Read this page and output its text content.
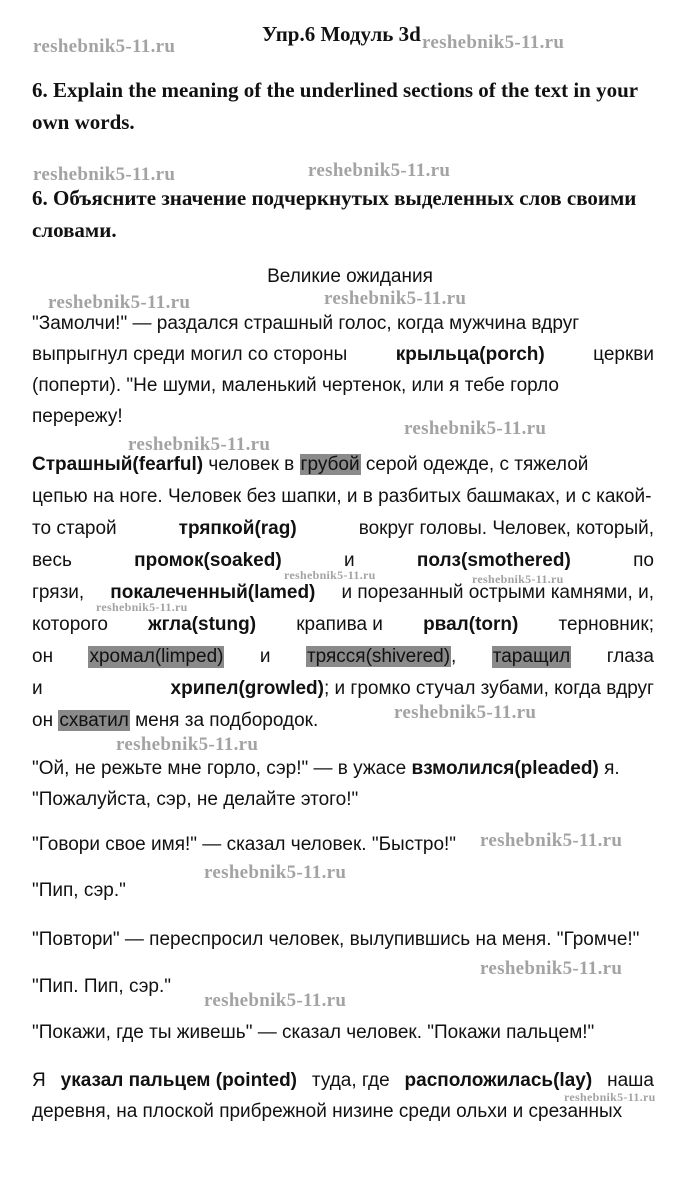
Упр.6 Модуль 3d
reshebnik5-11.ru	reshebnik5-11.ru
reshebnik5-11.ru	reshebnik5-11.ru
reshebnik5-11.ru	reshebnik5-11.ru
reshebnik5-11.ru
reshebnik5-11.ru
reshebnik5-11.ru	reshebnik5-11.ru
reshebnik5-11.ru
reshebnik5-11.ru
reshebnik5-11.ru
reshebnik5-11.ru
reshebnik5-11.ru
reshebnik5-11.ru
reshebnik5-11.ru
reshebnik5-11.ru
6. Explain the meaning of the underlined sections of the text in your
own words.
6. Объясните значение подчеркнутых выделенных слов своими
словами.
Великие ожидания
"Замолчи!" — раздался страшный голос, когда мужчина вдруг
выпрыгнул среди могил со стороны	крыльца(porch)	церкви
(поперти). "Не шуми, маленький чертенок, или я тебе горло
перережу!
Страшный(fearful) человек в грубой серой одежде, с тяжелой
цепью на ноге. Человек без шапки, и в разбитых башмаках, и с какой-
то старой	тряпкой(rag)	вокруг головы. Человек, который,
весь	промок(soaked)	и	полз(smothered)	по
грязи, покалеченный(lamed) и порезанный острыми камнями, и,
которого жгла(stung) крапива и рвал(torn) терновник;
он хромал(limped) и трясся(shivered), таращил глаза
и	хрипел(growled); и громко стучал зубами, когда вдруг
он схватил меня за подбородок.
"Ой, не режьте мне горло, сэр!" — в ужасе взмолился(pleaded) я.
"Пожалуйста, сэр, не делайте этого!"
"Говори свое имя!" — сказал человек. "Быстро!"
"Пип, сэр."
"Повтори" — переспросил человек, вылупившись на меня. "Громче!"
"Пип. Пип, сэр."
"Покажи, где ты живешь" — сказал человек. "Покажи пальцем!"
Я указал пальцем (pointed) туда, где расположилась(lay) наша
деревня, на плоской прибрежной низине среди ольхи и срезанных
